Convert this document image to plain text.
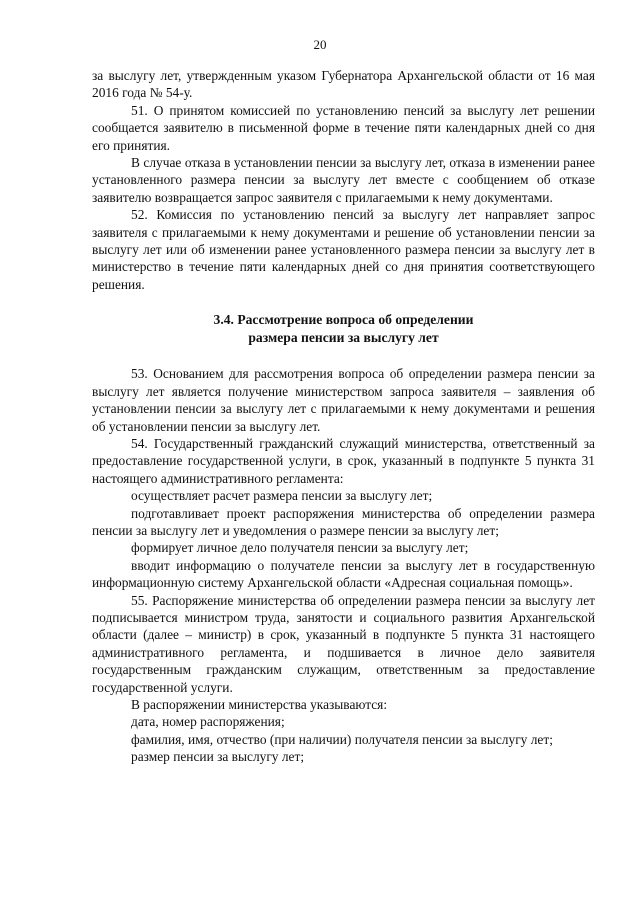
20

за выслугу лет, утвержденным указом Губернатора Архангельской области от 16 мая 2016 года № 54-у.

51. О принятом комиссией по установлению пенсий за выслугу лет решении сообщается заявителю в письменной форме в течение пяти календарных дней со дня его принятия.

В случае отказа в установлении пенсии за выслугу лет, отказа в изменении ранее установленного размера пенсии за выслугу лет вместе с сообщением об отказе заявителю возвращается запрос заявителя с прилагаемыми к нему документами.

52. Комиссия по установлению пенсий за выслугу лет направляет запрос заявителя с прилагаемыми к нему документами и решение об установлении пенсии за выслугу лет или об изменении ранее установленного размера пенсии за выслугу лет в министерство в течение пяти календарных дней со дня принятия соответствующего решения.

3.4. Рассмотрение вопроса об определении
размера пенсии за выслугу лет

53. Основанием для рассмотрения вопроса об определении размера пенсии за выслугу лет является получение министерством запроса заявителя – заявления об установлении пенсии за выслугу лет с прилагаемыми к нему документами и решения об установлении пенсии за выслугу лет.

54. Государственный гражданский служащий министерства, ответственный за предоставление государственной услуги, в срок, указанный в подпункте 5 пункта 31 настоящего административного регламента:

осуществляет расчет размера пенсии за выслугу лет;

подготавливает проект распоряжения министерства об определении размера пенсии за выслугу лет и уведомления о размере пенсии за выслугу лет;

формирует личное дело получателя пенсии за выслугу лет;

вводит информацию о получателе пенсии за выслугу лет в государственную информационную систему Архангельской области «Адресная социальная помощь».

55. Распоряжение министерства об определении размера пенсии за выслугу лет подписывается министром труда, занятости и социального развития Архангельской области (далее – министр) в срок, указанный в подпункте 5 пункта 31 настоящего административного регламента, и подшивается в личное дело заявителя государственным гражданским служащим, ответственным за предоставление государственной услуги.

В распоряжении министерства указываются:

дата, номер распоряжения;

фамилия, имя, отчество (при наличии) получателя пенсии за выслугу лет;

размер пенсии за выслугу лет;
